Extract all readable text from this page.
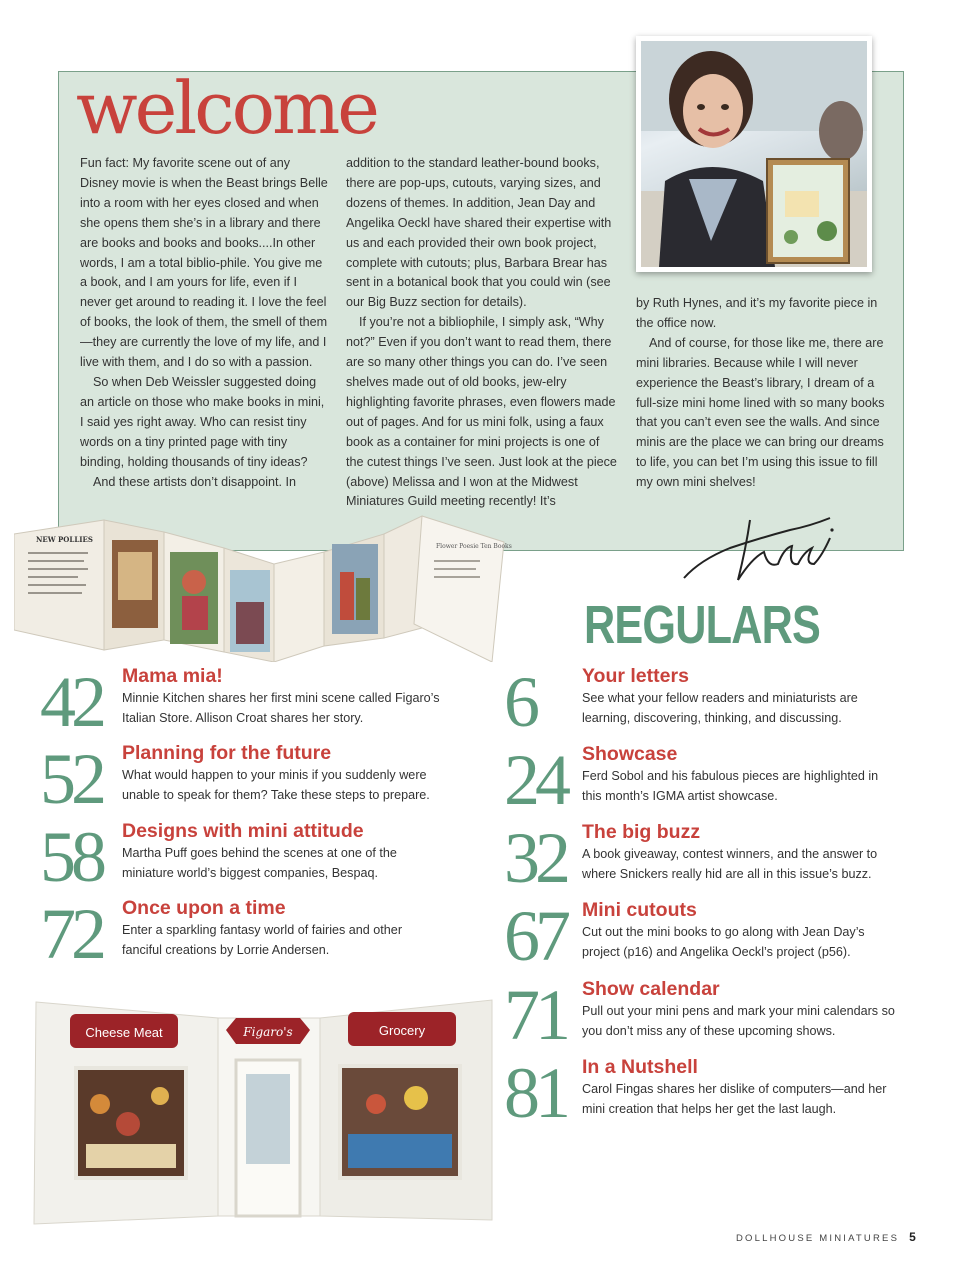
welcome

Fun fact: My favorite scene out of any Disney movie is when the Beast brings Belle into a room with her eyes closed and when she opens them she’s in a library and there are books and books and books....In other words, I am a total biblio-phile. You give me a book, and I am yours for life, even if I never get around to reading it. I love the feel of books, the look of them, the smell of them—they are currently the love of my life, and I live with them, and I do so with a passion.

So when Deb Weissler suggested doing an article on those who make books in mini, I said yes right away. Who can resist tiny words on a tiny printed page with tiny binding, holding thousands of tiny ideas?

And these artists don’t disappoint. In

addition to the standard leather-bound books, there are pop-ups, cutouts, varying sizes, and dozens of themes. In addition, Jean Day and Angelika Oeckl have shared their expertise with us and each provided their own book project, complete with cutouts; plus, Barbara Brear has sent in a botanical book that you could win (see our Big Buzz section for details).

If you’re not a bibliophile, I simply ask, “Why not?” Even if you don’t want to read them, there are so many other things you can do. I’ve seen shelves made out of old books, jew-elry highlighting favorite phrases, even flowers made out of pages. And for us mini folk, using a faux book as a container for mini projects is one of the cutest things I’ve seen. Just look at the piece (above) Melissa and I won at the Midwest Miniatures Guild meeting recently! It’s

by Ruth Hynes, and it’s my favorite piece in the office now.

And of course, for those like me, there are mini libraries. Because while I will never experience the Beast’s library, I dream of a full-size mini home lined with so many books that you can’t even see the walls. And since minis are the place we can bring our dreams to life, you can bet I’m using this issue to fill my own mini shelves!

NEW POLLIES
Flower Poesie Ten Books
Cheese Meat	Figaro's	Grocery
42 Mama mia!
Minnie Kitchen shares her first mini scene called Figaro’s Italian Store. Allison Croat shares her story.
52 Planning for the future
What would happen to your minis if you suddenly were unable to speak for them? Take these steps to prepare.
58 Designs with mini attitude
Martha Puff goes behind the scenes at one of the miniature world’s biggest companies, Bespaq.
72 Once upon a time
Enter a sparkling fantasy world of fairies and other fanciful creations by Lorrie Andersen.
REGULARS
6 Your letters
See what your fellow readers and miniaturists are learning, discovering, thinking, and discussing.
24 Showcase
Ferd Sobol and his fabulous pieces are highlighted in this month’s IGMA artist showcase.
32 The big buzz
A book giveaway, contest winners, and the answer to where Snickers really hid are all in this issue’s buzz.
67 Mini cutouts
Cut out the mini books to go along with Jean Day’s project (p16) and Angelika Oeckl’s project (p56).
71 Show calendar
Pull out your mini pens and mark your mini calendars so you don’t miss any of these upcoming shows.
81 In a Nutshell
Carol Fingas shares her dislike of computers—and her mini creation that helps her get the last laugh.
DOLLHOUSE MINIATURES 5
